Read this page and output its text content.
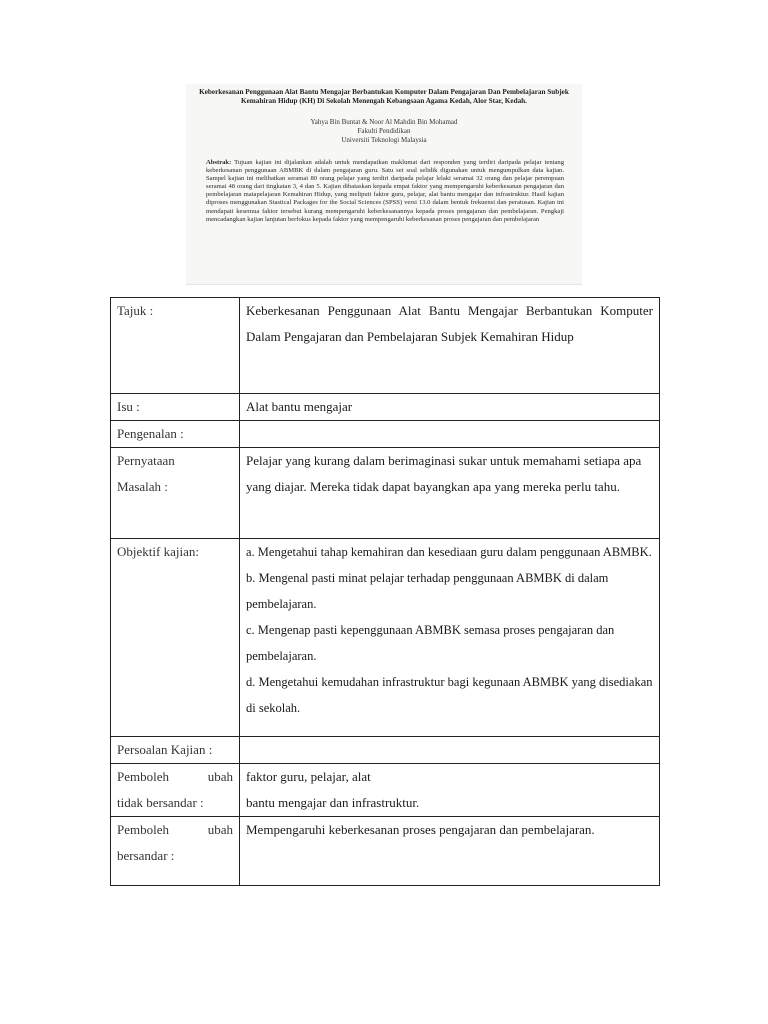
Keberkesanan Penggunaan Alat Bantu Mengajar Berbantukan Komputer Dalam Pengajaran Dan Pembelajaran Subjek Kemahiran Hidup (KH) Di Sekolah Menengah Kebangsaan Agama Kedah, Alor Star, Kedah.
Yahya Bin Buntat & Noor Al Mahdin Bin Mohamad
Fakulti Pendidikan
Universiti Teknologi Malaysia
Abstrak: Tujuan kajian ini dijalankan adalah untuk mendapatkan maklumat dari responden yang terdiri daripada pelajar tentang keberkesanan penggunaan ABMBK di dalam pengajaran guru. Satu set soal selidik digunakan untuk mengumpulkan data kajian. Sampel kajian ini melibatkan seramai 80 orang pelajar yang terdiri daripada pelajar lelaki seramai 32 orang dan pelajar perempuan seramai 48 orang dari tingkatan 3, 4 dan 5. Kajian dibataskan kepada empat faktor yang mempengaruhi keberkesanan pengajaran dan pembelajaran matapelajaran Kemahiran Hidup, yang meliputi faktor guru, pelajar, alat bantu mengajar dan infrastruktur. Hasil kajian diproses menggunakan Stastical Packages for the Social Sciences (SPSS) versi 13.0 dalam bentuk frekuensi dan peratusan. Kajian ini mendapati kesemua faktor tersebut kurang mempengaruhi keberkesanannya kepada proses pengajaran dan pembelajaran. Pengkaji mencadangkan kajian lanjutan berfokus kepada faktor yang mempengaruhi keberkesanan proses pengajaran dan pembelajaran
Tajuk :	Keberkesanan Penggunaan Alat Bantu Mengajar Berbantukan Komputer Dalam Pengajaran dan Pembelajaran Subjek Kemahiran Hidup
Isu :	Alat bantu mengajar
Pengenalan :	

Pernyataan
Masalah :	Pelajar yang kurang dalam berimaginasi sukar untuk memahami setiapa apa yang diajar. Mereka tidak dapat bayangkan apa yang mereka perlu tahu.
Objektif kajian:	a. Mengetahui tahap kemahiran dan kesediaan guru dalam penggunaan ABMBK.
b. Mengenal pasti minat pelajar terhadap penggunaan ABMBK di dalam pembelajaran.
c. Mengenap pasti kepenggunaan ABMBK semasa proses pengajaran dan pembelajaran.
d. Mengetahui kemudahan infrastruktur bagi kegunaan ABMBK yang disediakan di sekolah.

Persoalan Kajian :	

Pemboleh ubah
tidak bersandar :	faktor guru, pelajar, alat
bantu mengajar dan infrastruktur.

Pemboleh ubah
bersandar :	Mempengaruhi keberkesanan proses pengajaran dan pembelajaran.
